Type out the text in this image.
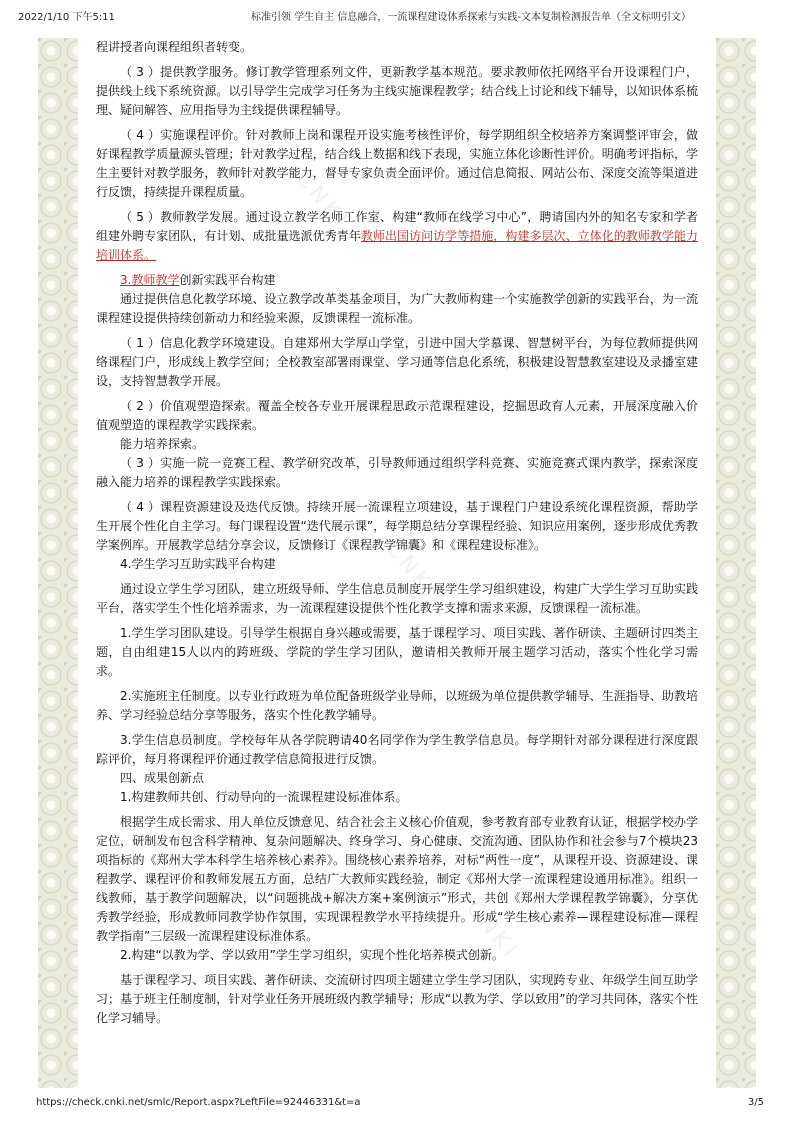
2022/1/10 下午5:11	标准引领 学生自主 信息融合，一流课程建设体系探索与实践-文本复制检测报告单（全文标明引文）
CNKI
CNKI
CNKI

程讲授者向课程组织者转变。

（ 3 ）提供教学服务。修订教学管理系列文件，更新教学基本规范。要求教师依托网络平台开设课程门户，提供线上线下系统资源。以引导学生完成学习任务为主线实施课程教学；结合线上讨论和线下辅导，以知识体系梳理、疑问解答、应用指导为主线提供课程辅导。

（ 4 ）实施课程评价。针对教师上岗和课程开设实施考核性评价，每学期组织全校培养方案调整评审会，做好课程教学质量源头管理；针对教学过程，结合线上数据和线下表现，实施立体化诊断性评价。明确考评指标，学生主要针对教学服务，教师针对教学能力，督导专家负责全面评价。通过信息简报、网站公布、深度交流等渠道进行反馈，持续提升课程质量。

（ 5 ）教师教学发展。通过设立教学名师工作室、构建“教师在线学习中心”，聘请国内外的知名专家和学者组建外聘专家团队，有计划、成批量选派优秀青年教师出国访问访学等措施，构建多层次、立体化的教师教学能力培训体系。

3.教师教学创新实践平台构建

通过提供信息化教学环境、设立教学改革类基金项目，为广大教师构建一个实施教学创新的实践平台，为一流课程建设提供持续创新动力和经验来源，反馈课程一流标准。

（ 1 ）信息化教学环境建设。自建郑州大学厚山学堂，引进中国大学慕课、智慧树平台，为每位教师提供网络课程门户，形成线上教学空间；全校教室部署雨课堂、学习通等信息化系统，积极建设智慧教室建设及录播室建设，支持智慧教学开展。

（ 2 ）价值观塑造探索。覆盖全校各专业开展课程思政示范课程建设，挖掘思政育人元素，开展深度融入价值观塑造的课程教学实践探索。

能力培养探索。

（ 3 ）实施一院一竞赛工程、教学研究改革，引导教师通过组织学科竞赛、实施竞赛式课内教学，探索深度融入能力培养的课程教学实践探索。

（ 4 ）课程资源建设及迭代反馈。持续开展一流课程立项建设，基于课程门户建设系统化课程资源，帮助学生开展个性化自主学习。每门课程设置“迭代展示课”，每学期总结分享课程经验、知识应用案例，逐步形成优秀教学案例库。开展教学总结分享会议，反馈修订《课程教学锦囊》和《课程建设标准》。

4.学生学习互助实践平台构建

通过设立学生学习团队，建立班级导师、学生信息员制度开展学生学习组织建设，构建广大学生学习互助实践平台，落实学生个性化培养需求，为一流课程建设提供个性化教学支撑和需求来源，反馈课程一流标准。

1.学生学习团队建设。引导学生根据自身兴趣或需要，基于课程学习、项目实践、著作研读、主题研讨四类主题，自由组建15人以内的跨班级、学院的学生学习团队，邀请相关教师开展主题学习活动，落实个性化学习需求。

2.实施班主任制度。以专业行政班为单位配备班级学业导师，以班级为单位提供教学辅导、生涯指导、助教培养、学习经验总结分享等服务，落实个性化教学辅导。

3.学生信息员制度。学校每年从各学院聘请40名同学作为学生教学信息员。每学期针对部分课程进行深度跟踪评价，每月将课程评价通过教学信息简报进行反馈。

四、成果创新点

1.构建教师共创、行动导向的一流课程建设标准体系。

根据学生成长需求、用人单位反馈意见、结合社会主义核心价值观，参考教育部专业教育认证，根据学校办学定位，研制发布包含科学精神、复杂问题解决、终身学习、身心健康、交流沟通、团队协作和社会参与7个模块23项指标的《郑州大学本科学生培养核心素养》。围绕核心素养培养，对标“两性一度”，从课程开设、资源建设、课程教学、课程评价和教师发展五方面，总结广大教师实践经验，制定《郑州大学一流课程建设通用标准》。组织一线教师，基于教学问题解决，以“问题挑战+解决方案+案例演示”形式，共创《郑州大学课程教学锦囊》，分享优秀教学经验，形成教师同教学协作氛围，实现课程教学水平持续提升。形成“学生核心素养—课程建设标准—课程教学指南”三层级一流课程建设标准体系。

2.构建“以教为学、学以致用”学生学习组织，实现个性化培养模式创新。

基于课程学习、项目实践、著作研读、交流研讨四项主题建立学生学习团队，实现跨专业、年级学生间互助学习；基于班主任制度制，针对学业任务开展班级内教学辅导；形成“以教为学、学以致用”的学习共同体，落实个性化学习辅导。

https://check.cnki.net/smlc/Report.aspx?LeftFile=92446331&t=a	3/5
